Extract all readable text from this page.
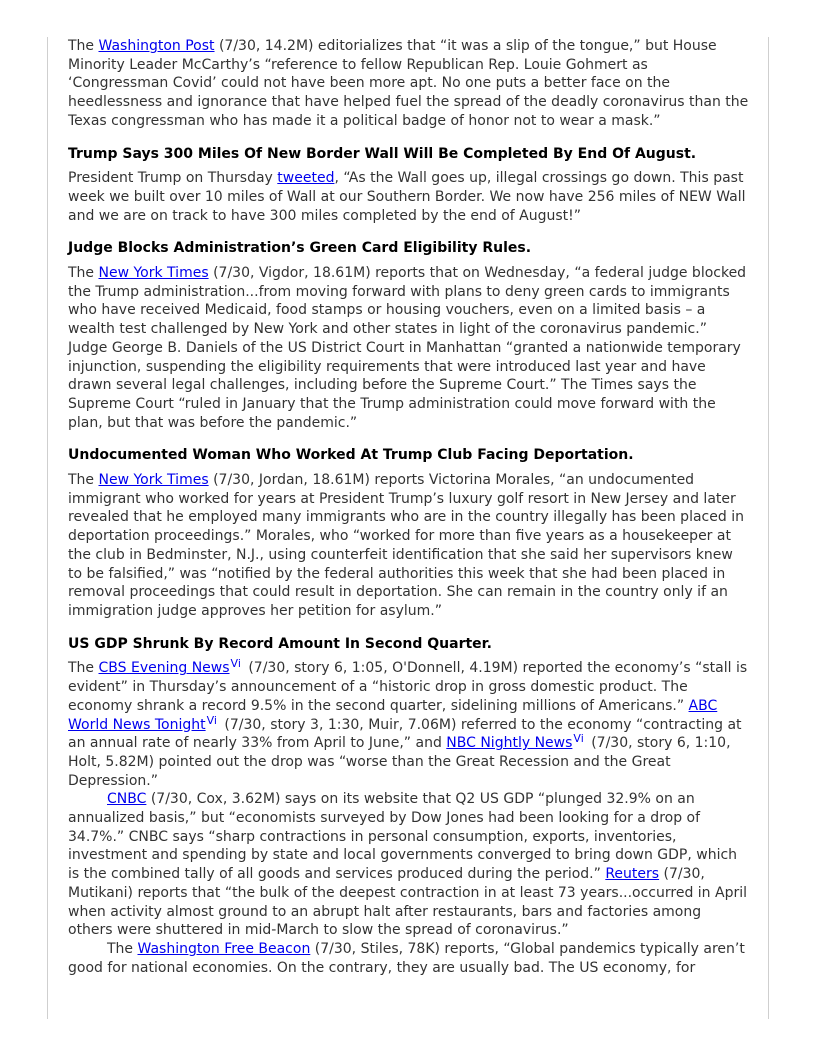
The Washington Post (7/30, 14.2M) editorializes that “it was a slip of the tongue,” but House Minority Leader McCarthy’s “reference to fellow Republican Rep. Louie Gohmert as ‘Congressman Covid’ could not have been more apt. No one puts a better face on the heedlessness and ignorance that have helped fuel the spread of the deadly coronavirus than the Texas congressman who has made it a political badge of honor not to wear a mask.”

Trump Says 300 Miles Of New Border Wall Will Be Completed By End Of August.

President Trump on Thursday tweeted, “As the Wall goes up, illegal crossings go down. This past week we built over 10 miles of Wall at our Southern Border. We now have 256 miles of NEW Wall and we are on track to have 300 miles completed by the end of August!”

Judge Blocks Administration’s Green Card Eligibility Rules.

The New York Times (7/30, Vigdor, 18.61M) reports that on Wednesday, “a federal judge blocked the Trump administration...from moving forward with plans to deny green cards to immigrants who have received Medicaid, food stamps or housing vouchers, even on a limited basis – a wealth test challenged by New York and other states in light of the coronavirus pandemic.” Judge George B. Daniels of the US District Court in Manhattan “granted a nationwide temporary injunction, suspending the eligibility requirements that were introduced last year and have drawn several legal challenges, including before the Supreme Court.” The Times says the Supreme Court “ruled in January that the Trump administration could move forward with the plan, but that was before the pandemic.”

Undocumented Woman Who Worked At Trump Club Facing Deportation.

The New York Times (7/30, Jordan, 18.61M) reports Victorina Morales, “an undocumented immigrant who worked for years at President Trump’s luxury golf resort in New Jersey and later revealed that he employed many immigrants who are in the country illegally has been placed in deportation proceedings.” Morales, who “worked for more than five years as a housekeeper at the club in Bedminster, N.J., using counterfeit identification that she said her supervisors knew to be falsified,” was “notified by the federal authorities this week that she had been placed in removal proceedings that could result in deportation. She can remain in the country only if an immigration judge approves her petition for asylum.”

US GDP Shrunk By Record Amount In Second Quarter.

The CBS Evening News$^{Vi}$ (7/30, story 6, 1:05, O'Donnell, 4.19M) reported the economy’s “stall is evident” in Thursday’s announcement of a “historic drop in gross domestic product. The economy shrank a record 9.5% in the second quarter, sidelining millions of Americans.” ABC World News Tonight$^{Vi}$ (7/30, story 3, 1:30, Muir, 7.06M) referred to the economy “contracting at an annual rate of nearly 33% from April to June,” and NBC Nightly News$^{Vi}$ (7/30, story 6, 1:10, Holt, 5.82M) pointed out the drop was “worse than the Great Recession and the Great Depression.”

CNBC (7/30, Cox, 3.62M) says on its website that Q2 US GDP “plunged 32.9% on an annualized basis,” but “economists surveyed by Dow Jones had been looking for a drop of 34.7%.” CNBC says “sharp contractions in personal consumption, exports, inventories, investment and spending by state and local governments converged to bring down GDP, which is the combined tally of all goods and services produced during the period.” Reuters (7/30, Mutikani) reports that “the bulk of the deepest contraction in at least 73 years...occurred in April when activity almost ground to an abrupt halt after restaurants, bars and factories among others were shuttered in mid-March to slow the spread of coronavirus.”

The Washington Free Beacon (7/30, Stiles, 78K) reports, “Global pandemics typically aren’t good for national economies. On the contrary, they are usually bad. The US economy, for
